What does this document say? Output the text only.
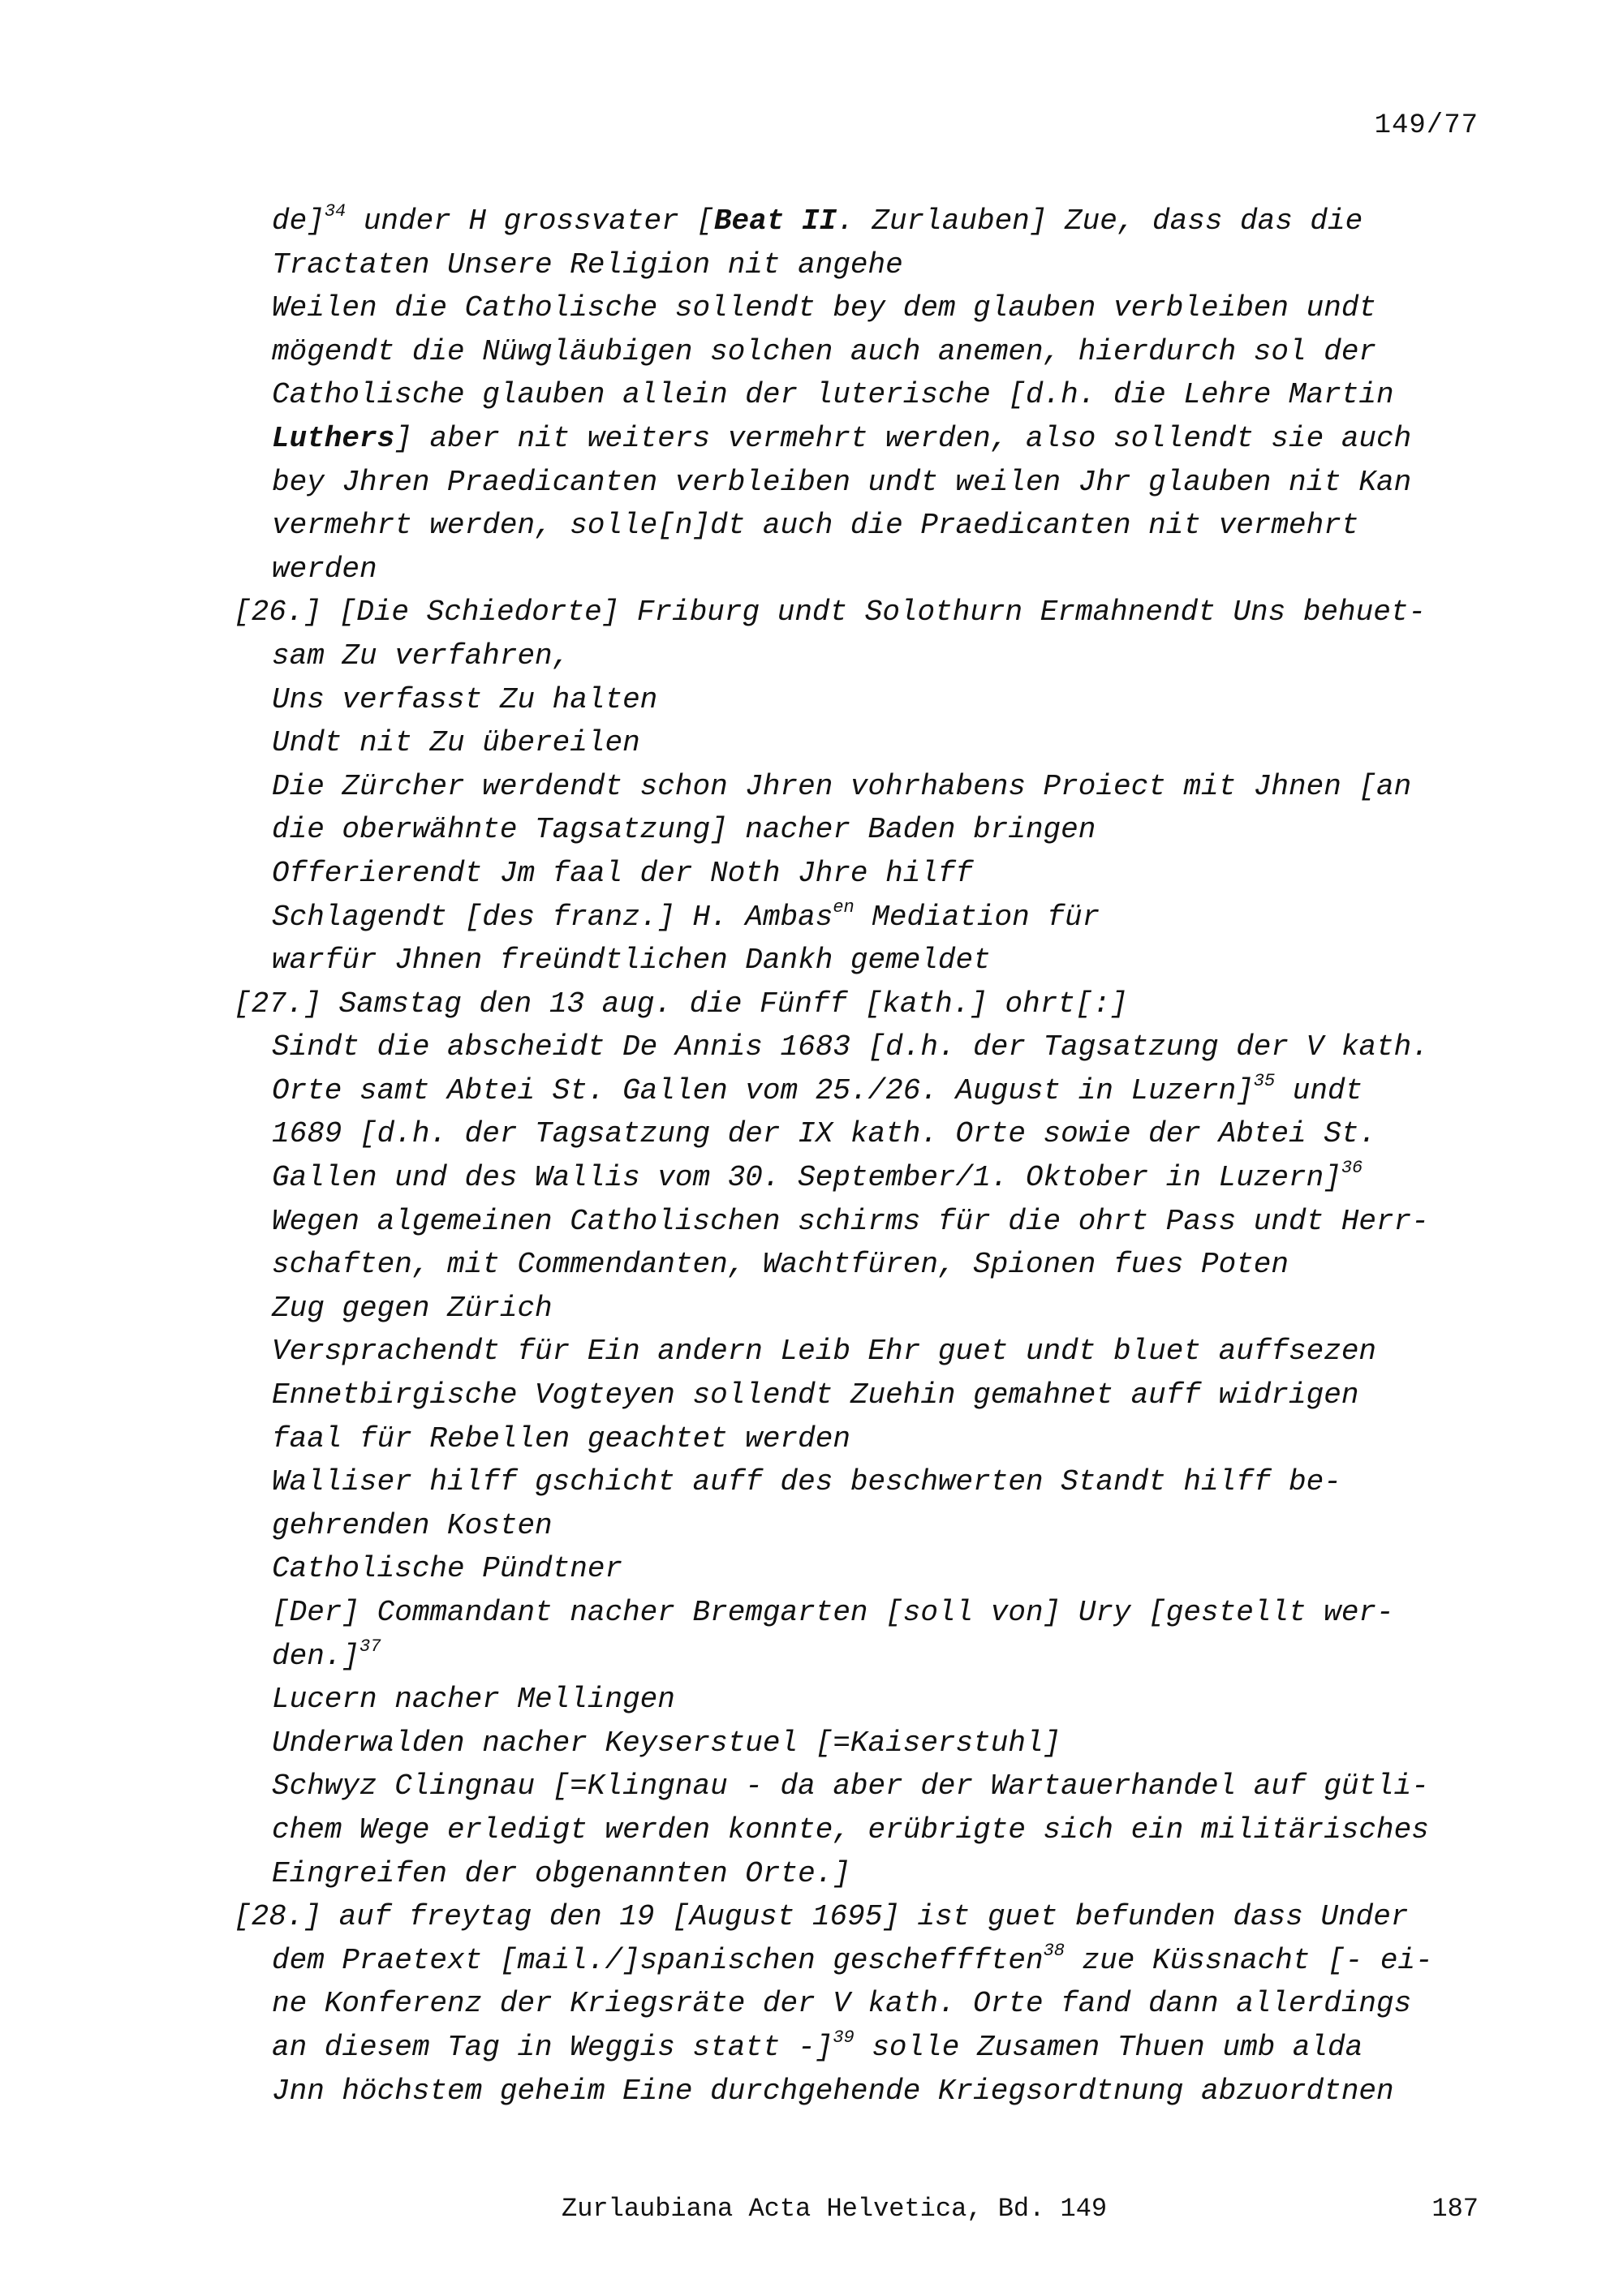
149/77
de]$^{34}$ under H grossvater [Beat II. Zurlauben] Zue, dass das die
Tractaten Unsere Religion nit angehe
Weilen die Catholische sollendt bey dem glauben verbleiben undt
mögendt die Nüwgläubigen solchen auch anemen, hierdurch sol der
Catholische glauben allein der luterische [d.h. die Lehre Martin
Luthers] aber nit weiters vermehrt werden, also sollendt sie auch
bey Jhren Praedicanten verbleiben undt weilen Jhr glauben nit Kan
vermehrt werden, solle[n]dt auch die Praedicanten nit vermehrt
werden
[26.] [Die Schiedorte] Friburg undt Solothurn Ermahnendt Uns behuet-
sam Zu verfahren,
Uns verfasst Zu halten
Undt nit Zu übereilen
Die Zürcher werdendt schon Jhren vohrhabens Proiect mit Jhnen [an
die oberwähnte Tagsatzung] nacher Baden bringen
Offerierendt Jm faal der Noth Jhre hilff
Schlagendt [des franz.] H. Ambas$^{en}$ Mediation für
warfür Jhnen freündtlichen Dankh gemeldet
[27.] Samstag den 13 aug. die Fünff [kath.] ohrt[:]
Sindt die abscheidt De Annis 1683 [d.h. der Tagsatzung der V kath.
Orte samt Abtei St. Gallen vom 25./26. August in Luzern]$^{35}$ undt
1689 [d.h. der Tagsatzung der IX kath. Orte sowie der Abtei St.
Gallen und des Wallis vom 30. September/1. Oktober in Luzern]$^{36}$
Wegen algemeinen Catholischen schirms für die ohrt Pass undt Herr-
schaften, mit Commendanten, Wachtfüren, Spionen fues Poten
Zug gegen Zürich
Versprachendt für Ein andern Leib Ehr guet undt bluet auffsezen
Ennetbirgische Vogteyen sollendt Zuehin gemahnet auff widrigen
faal für Rebellen geachtet werden
Walliser hilff gschicht auff des beschwerten Standt hilff be-
gehrenden Kosten
Catholische Pündtner
[Der] Commandant nacher Bremgarten [soll von] Ury [gestellt wer-
den.]$^{37}$
Lucern nacher Mellingen
Underwalden nacher Keyserstuel [=Kaiserstuhl]
Schwyz Clingnau [=Klingnau - da aber der Wartauerhandel auf gütli-
chem Wege erledigt werden konnte, erübrigte sich ein militärisches
Eingreifen der obgenannten Orte.]
[28.] auf freytag den 19 [August 1695] ist guet befunden dass Under
dem Praetext [mail./]spanischen gescheffften$^{38}$ zue Küssnacht [- ei-
ne Konferenz der Kriegsräte der V kath. Orte fand dann allerdings
an diesem Tag in Weggis statt -]$^{39}$ solle Zusamen Thuen umb alda
Jnn höchstem geheim Eine durchgehende Kriegsordtnung abzuordtnen
Zurlaubiana Acta Helvetica, Bd. 149	187
